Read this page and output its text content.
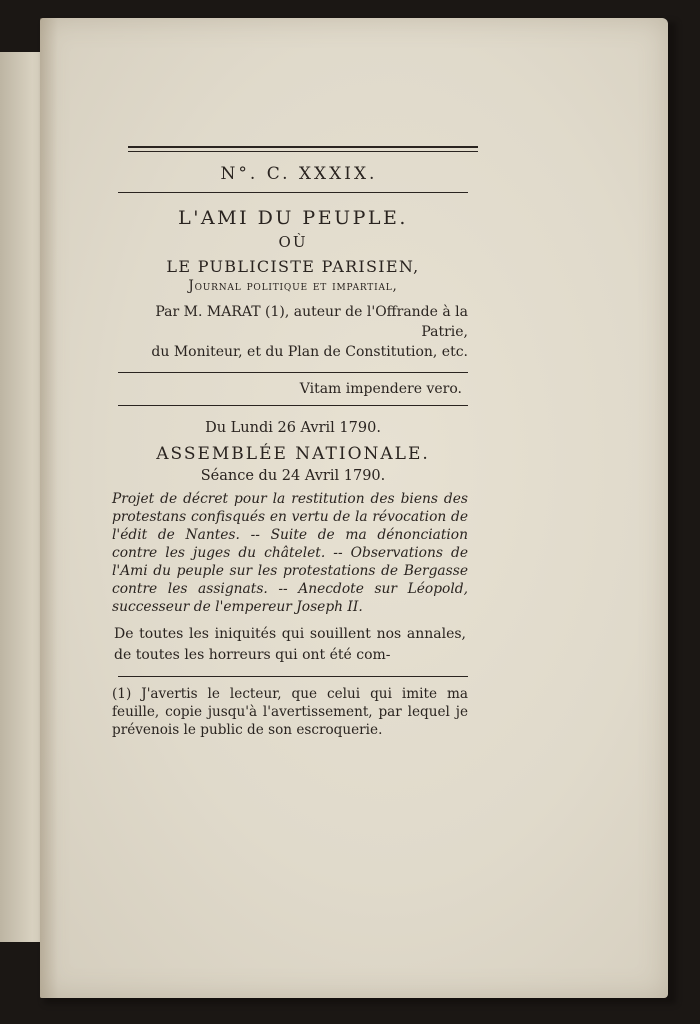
N°. C. XXXIX.
L'AMI DU PEUPLE.
OÙ
LE PUBLICISTE PARISIEN,
Journal politique et impartial,
Par M. MARAT (1), auteur de l'Offrande à la Patrie,
du Moniteur, et du Plan de Constitution, etc.
Vitam impendere vero.
Du Lundi 26 Avril 1790.
ASSEMBLÉE NATIONALE.
Séance du 24 Avril 1790.
Projet de décret pour la restitution des biens des protestans confisqués en vertu de la révocation de l'édit de Nantes. -- Suite de ma dénonciation contre les juges du châtelet. -- Observations de l'Ami du peuple sur les protestations de Bergasse contre les assignats. -- Anecdote sur Léopold, successeur de l'empereur Joseph II.
De toutes les iniquités qui souillent nos annales, de toutes les horreurs qui ont été com-
(1) J'avertis le lecteur, que celui qui imite ma feuille, copie jusqu'à l'avertissement, par lequel je prévenois le public de son escroquerie.
